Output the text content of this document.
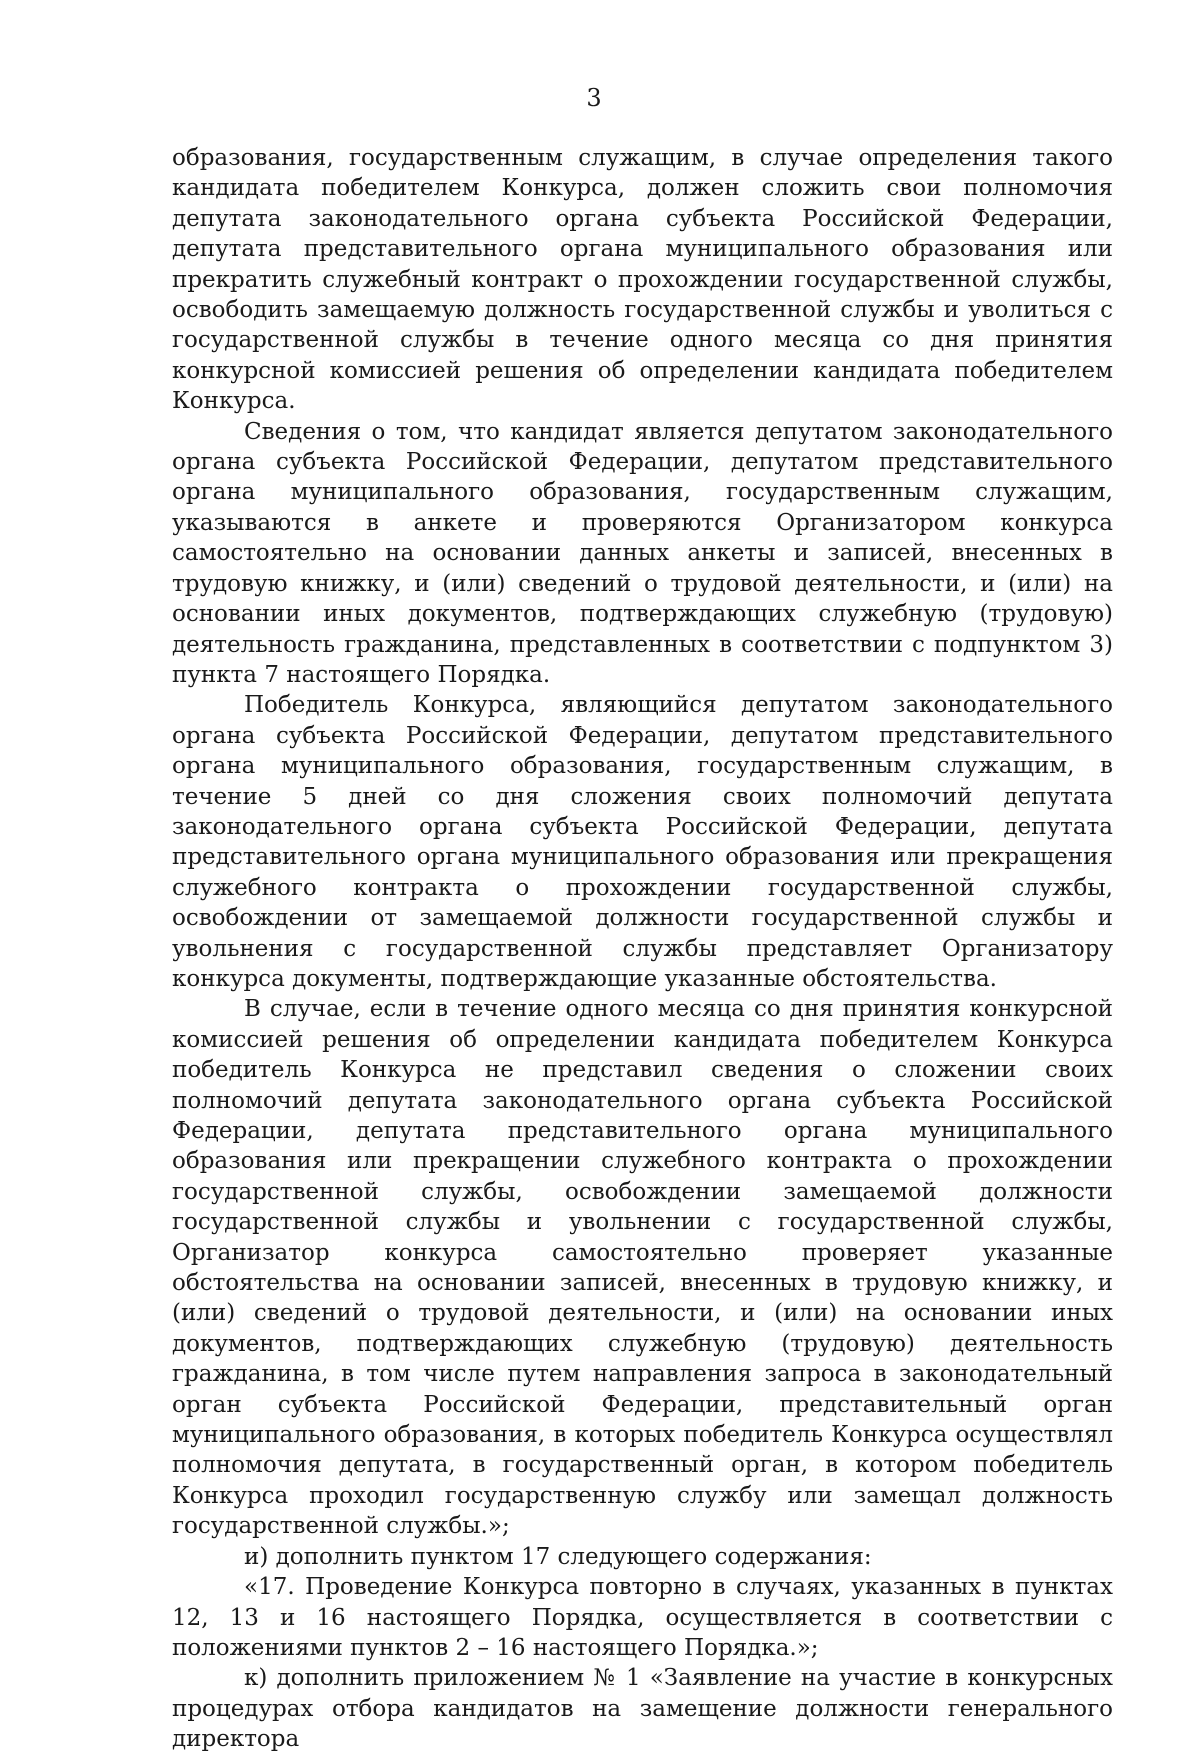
3

образования, государственным служащим, в случае определения такого кандидата победителем Конкурса, должен сложить свои полномочия депутата законодательного органа субъекта Российской Федерации, депутата представительного органа муниципального образования или прекратить служебный контракт о прохождении государственной службы, освободить замещаемую должность государственной службы и уволиться с государственной службы в течение одного месяца со дня принятия конкурсной комиссией решения об определении кандидата победителем Конкурса.

Сведения о том, что кандидат является депутатом законодательного органа субъекта Российской Федерации, депутатом представительного органа муниципального образования, государственным служащим, указываются в анкете и проверяются Организатором конкурса самостоятельно на основании данных анкеты и записей, внесенных в трудовую книжку, и (или) сведений о трудовой деятельности, и (или) на основании иных документов, подтверждающих служебную (трудовую) деятельность гражданина, представленных в соответствии с подпунктом 3) пункта 7 настоящего Порядка.

Победитель Конкурса, являющийся депутатом законодательного органа субъекта Российской Федерации, депутатом представительного органа муниципального образования, государственным служащим, в течение 5 дней со дня сложения своих полномочий депутата законодательного органа субъекта Российской Федерации, депутата представительного органа муниципального образования или прекращения служебного контракта о прохождении государственной службы, освобождении от замещаемой должности государственной службы и увольнения с государственной службы представляет Организатору конкурса документы, подтверждающие указанные обстоятельства.

В случае, если в течение одного месяца со дня принятия конкурсной комиссией решения об определении кандидата победителем Конкурса победитель Конкурса не представил сведения о сложении своих полномочий депутата законодательного органа субъекта Российской Федерации, депутата представительного органа муниципального образования или прекращении служебного контракта о прохождении государственной службы, освобождении замещаемой должности государственной службы и увольнении с государственной службы, Организатор конкурса самостоятельно проверяет указанные обстоятельства на основании записей, внесенных в трудовую книжку, и (или) сведений о трудовой деятельности, и (или) на основании иных документов, подтверждающих служебную (трудовую) деятельность гражданина, в том числе путем направления запроса в законодательный орган субъекта Российской Федерации, представительный орган муниципального образования, в которых победитель Конкурса осуществлял полномочия депутата, в государственный орган, в котором победитель Конкурса проходил государственную службу или замещал должность государственной службы.»;

и) дополнить пунктом 17 следующего содержания:

«17. Проведение Конкурса повторно в случаях, указанных в пунктах 12, 13 и 16 настоящего Порядка, осуществляется в соответствии с положениями пунктов 2 – 16 настоящего Порядка.»;

к) дополнить приложением № 1 «Заявление на участие в конкурсных процедурах отбора кандидатов на замещение должности генерального директора
